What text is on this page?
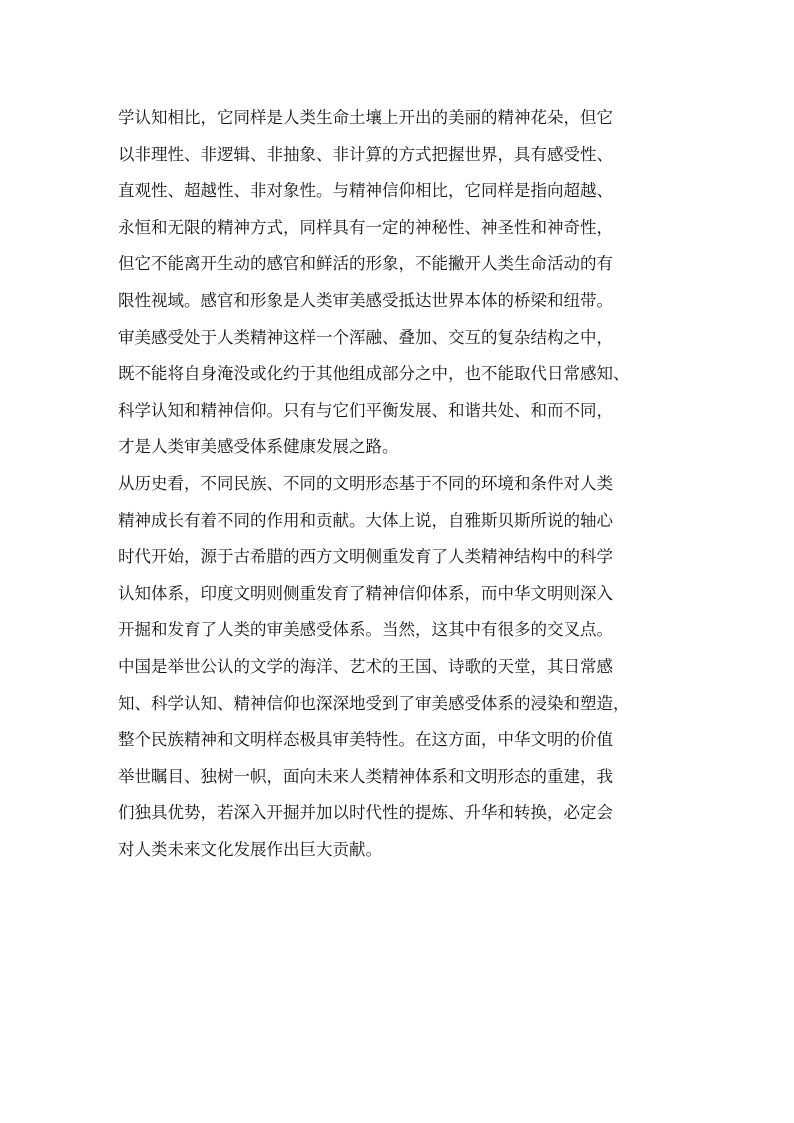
学认知相比，它同样是人类生命土壤上开出的美丽的精神花朵，但它
以非理性、非逻辑、非抽象、非计算的方式把握世界，具有感受性、
直观性、超越性、非对象性。与精神信仰相比，它同样是指向超越、
永恒和无限的精神方式，同样具有一定的神秘性、神圣性和神奇性，
但它不能离开生动的感官和鲜活的形象，不能撇开人类生命活动的有
限性视域。感官和形象是人类审美感受抵达世界本体的桥梁和纽带。
审美感受处于人类精神这样一个浑融、叠加、交互的复杂结构之中，
既不能将自身淹没或化约于其他组成部分之中，也不能取代日常感知、
科学认知和精神信仰。只有与它们平衡发展、和谐共处、和而不同，
才是人类审美感受体系健康发展之路。
从历史看，不同民族、不同的文明形态基于不同的环境和条件对人类
精神成长有着不同的作用和贡献。大体上说，自雅斯贝斯所说的轴心
时代开始，源于古希腊的西方文明侧重发育了人类精神结构中的科学
认知体系，印度文明则侧重发育了精神信仰体系，而中华文明则深入
开掘和发育了人类的审美感受体系。当然，这其中有很多的交叉点。
中国是举世公认的文学的海洋、艺术的王国、诗歌的天堂，其日常感
知、科学认知、精神信仰也深深地受到了审美感受体系的浸染和塑造，
整个民族精神和文明样态极具审美特性。在这方面，中华文明的价值
举世瞩目、独树一帜，面向未来人类精神体系和文明形态的重建，我
们独具优势，若深入开掘并加以时代性的提炼、升华和转换，必定会
对人类未来文化发展作出巨大贡献。
